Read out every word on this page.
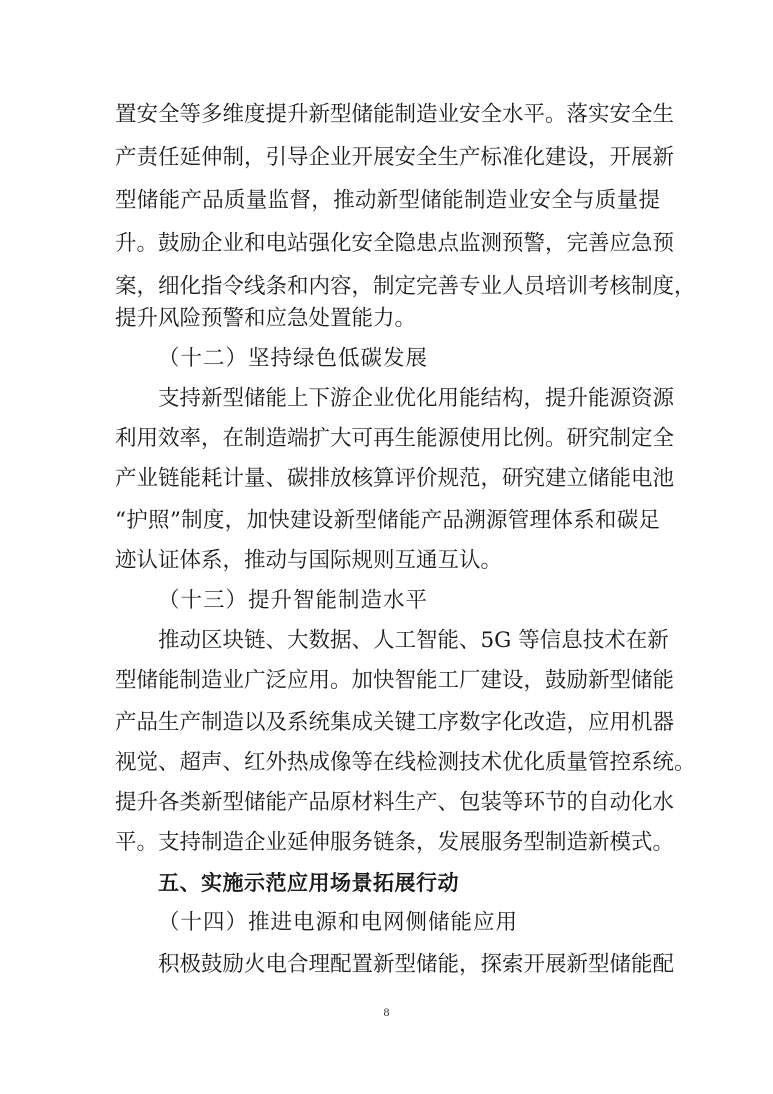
置安全等多维度提升新型储能制造业安全水平。落实安全生
产责任延伸制，引导企业开展安全生产标准化建设，开展新
型储能产品质量监督，推动新型储能制造业安全与质量提
升。鼓励企业和电站强化安全隐患点监测预警，完善应急预
案，细化指令线条和内容，制定完善专业人员培训考核制度，
提升风险预警和应急处置能力。
（十二）坚持绿色低碳发展
支持新型储能上下游企业优化用能结构，提升能源资源
利用效率，在制造端扩大可再生能源使用比例。研究制定全
产业链能耗计量、碳排放核算评价规范，研究建立储能电池
“护照”制度，加快建设新型储能产品溯源管理体系和碳足
迹认证体系，推动与国际规则互通互认。
（十三）提升智能制造水平
推动区块链、大数据、人工智能、5G 等信息技术在新
型储能制造业广泛应用。加快智能工厂建设，鼓励新型储能
产品生产制造以及系统集成关键工序数字化改造，应用机器
视觉、超声、红外热成像等在线检测技术优化质量管控系统。
提升各类新型储能产品原材料生产、包装等环节的自动化水
平。支持制造企业延伸服务链条，发展服务型制造新模式。
五、实施示范应用场景拓展行动
（十四）推进电源和电网侧储能应用
积极鼓励火电合理配置新型储能，探索开展新型储能配
8
